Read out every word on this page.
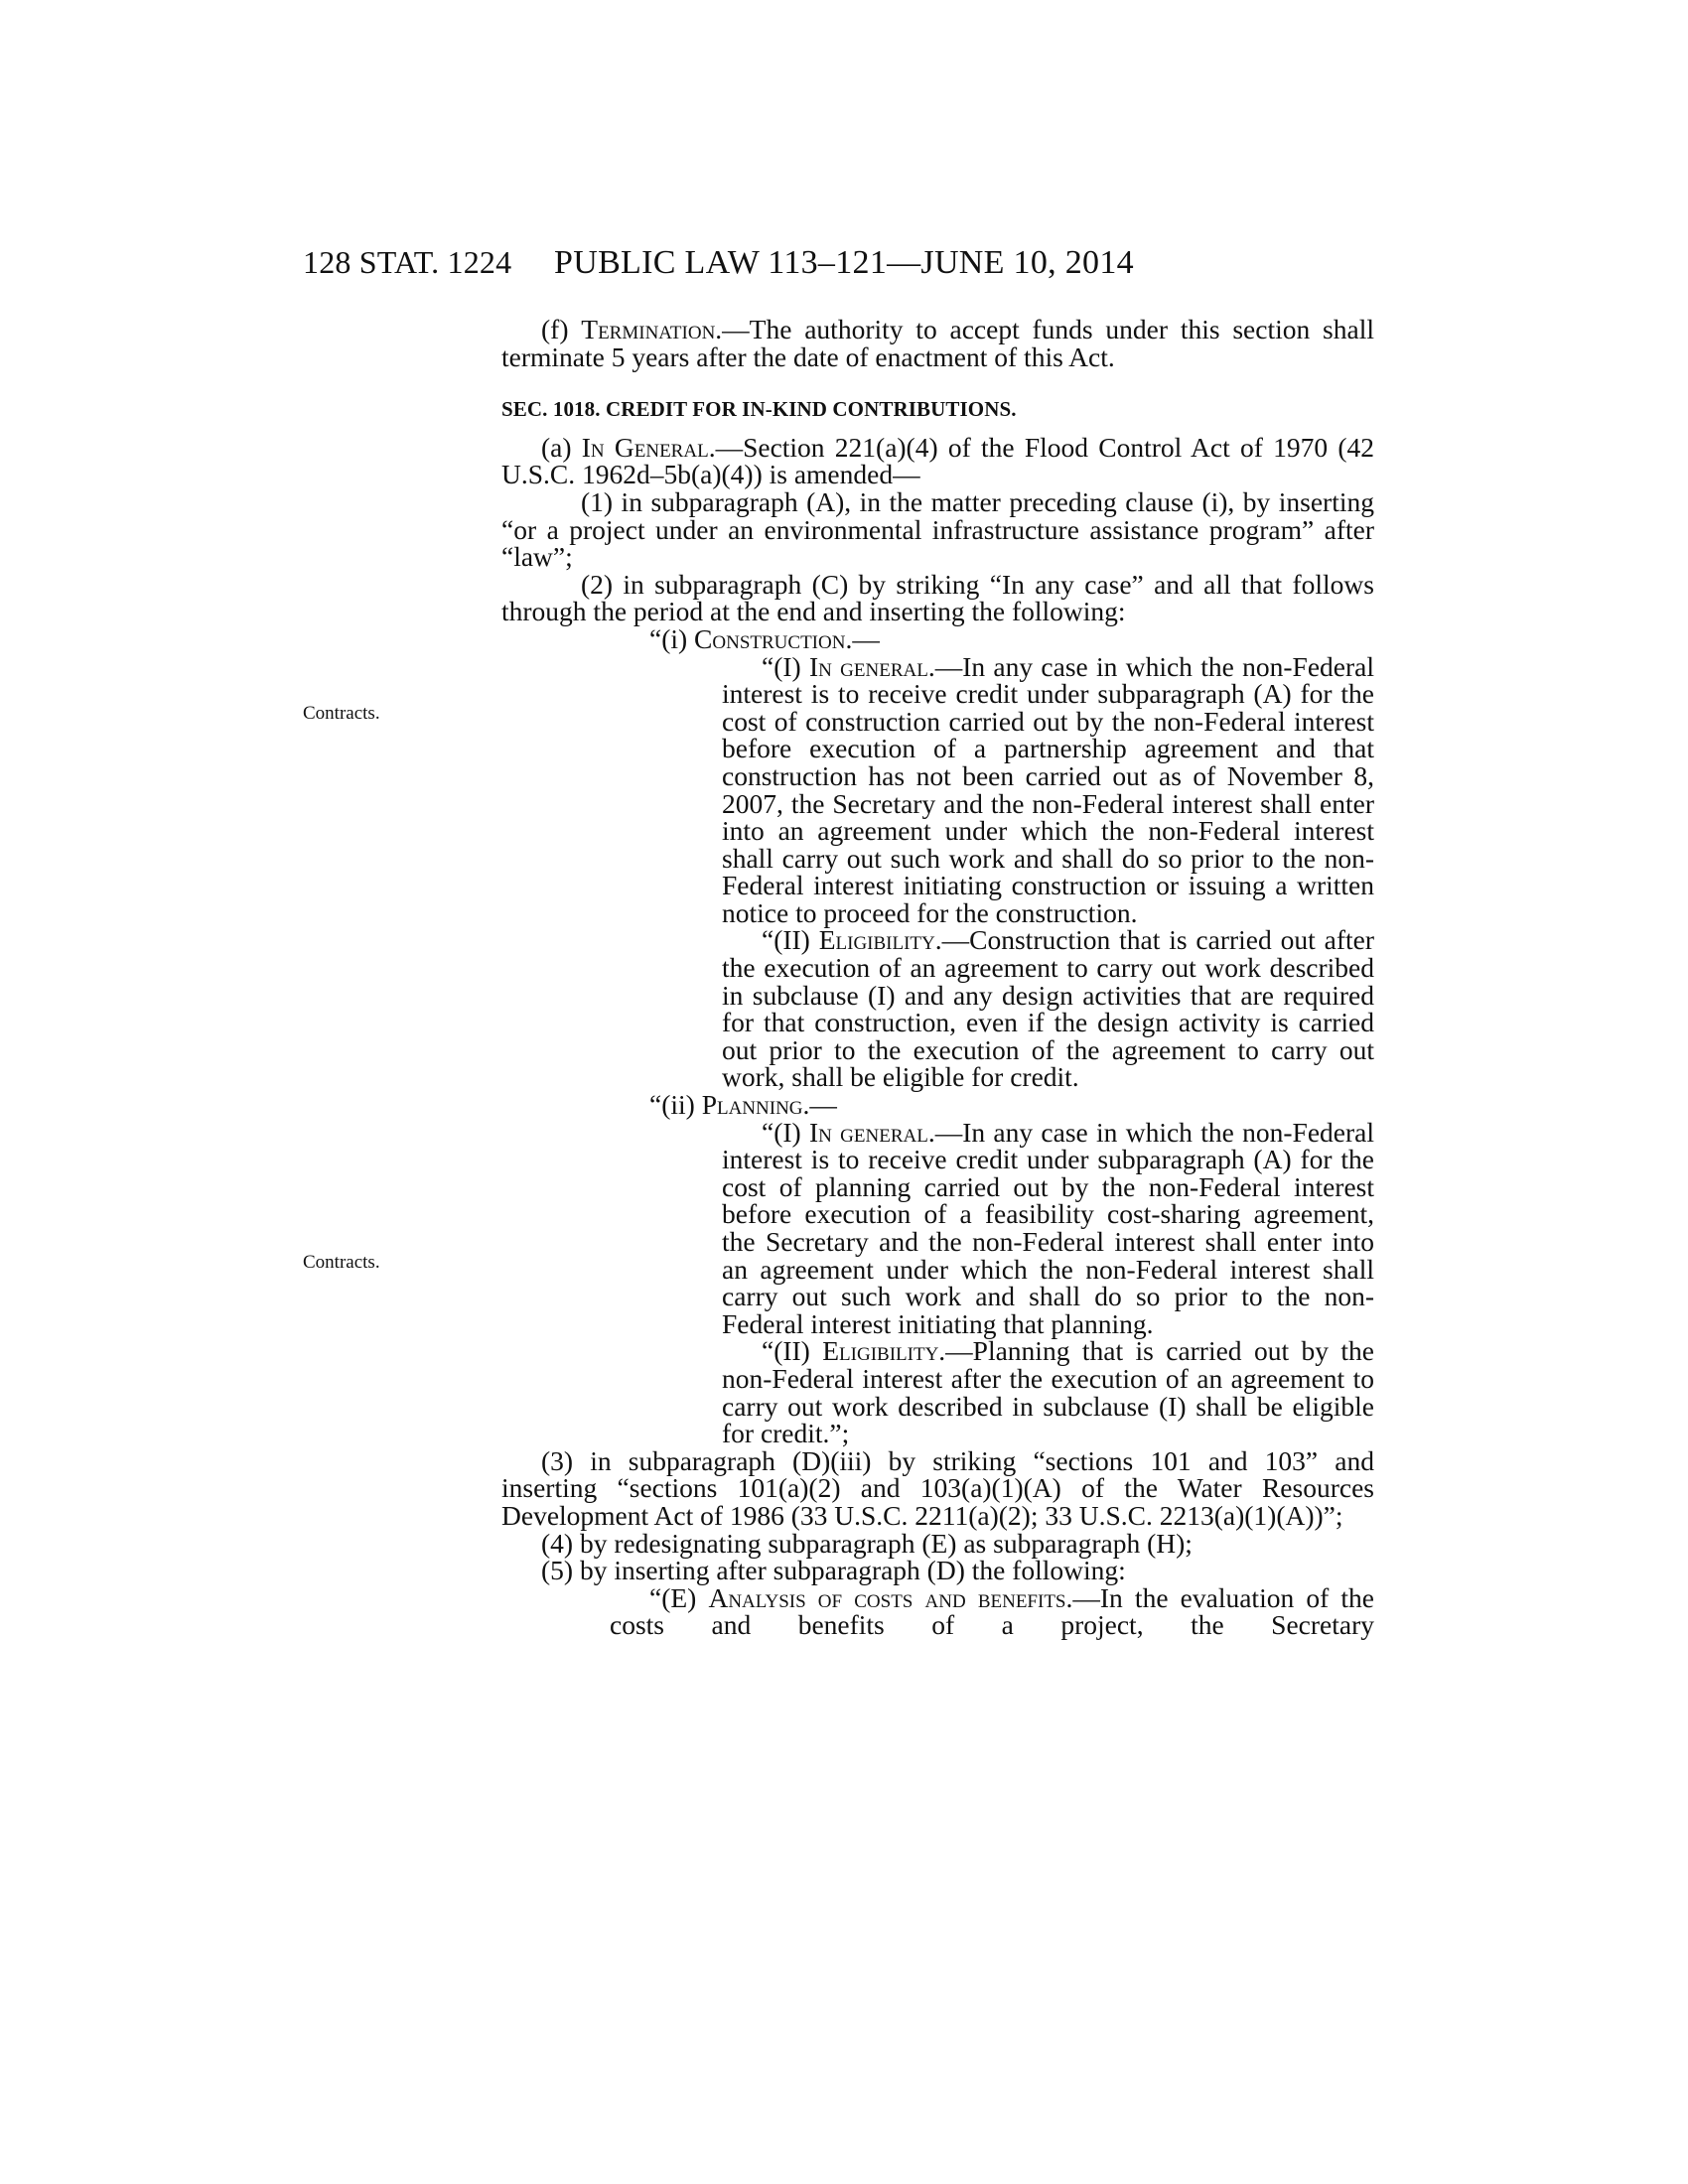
128 STAT. 1224 PUBLIC LAW 113–121—JUNE 10, 2014
Contracts.
Contracts.

(f) Termination.—The authority to accept funds under this section shall terminate 5 years after the date of enactment of this Act.

SEC. 1018. CREDIT FOR IN-KIND CONTRIBUTIONS.

(a) In General.—Section 221(a)(4) of the Flood Control Act of 1970 (42 U.S.C. 1962d–5b(a)(4)) is amended—

(1) in subparagraph (A), in the matter preceding clause (i), by inserting “or a project under an environmental infrastructure assistance program” after “law”;

(2) in subparagraph (C) by striking “In any case” and all that follows through the period at the end and inserting the following:

“(i) Construction.—

“(I) In general.—In any case in which the non-Federal interest is to receive credit under subparagraph (A) for the cost of construction carried out by the non-Federal interest before execution of a partnership agreement and that construction has not been carried out as of November 8, 2007, the Secretary and the non-Federal interest shall enter into an agreement under which the non-Federal interest shall carry out such work and shall do so prior to the non-Federal interest initiating construction or issuing a written notice to proceed for the construction.

“(II) Eligibility.—Construction that is carried out after the execution of an agreement to carry out work described in subclause (I) and any design activities that are required for that construction, even if the design activity is carried out prior to the execution of the agreement to carry out work, shall be eligible for credit.

“(ii) Planning.—

“(I) In general.—In any case in which the non-Federal interest is to receive credit under subparagraph (A) for the cost of planning carried out by the non-Federal interest before execution of a feasibility cost-sharing agreement, the Secretary and the non-Federal interest shall enter into an agreement under which the non-Federal interest shall carry out such work and shall do so prior to the non-Federal interest initiating that planning.

“(II) Eligibility.—Planning that is carried out by the non-Federal interest after the execution of an agreement to carry out work described in subclause (I) shall be eligible for credit.”;

(3) in subparagraph (D)(iii) by striking “sections 101 and 103” and inserting “sections 101(a)(2) and 103(a)(1)(A) of the Water Resources Development Act of 1986 (33 U.S.C. 2211(a)(2); 33 U.S.C. 2213(a)(1)(A))”;

(4) by redesignating subparagraph (E) as subparagraph (H);

(5) by inserting after subparagraph (D) the following:

“(E) Analysis of costs and benefits.—In the evaluation of the costs and benefits of a project, the Secretary
